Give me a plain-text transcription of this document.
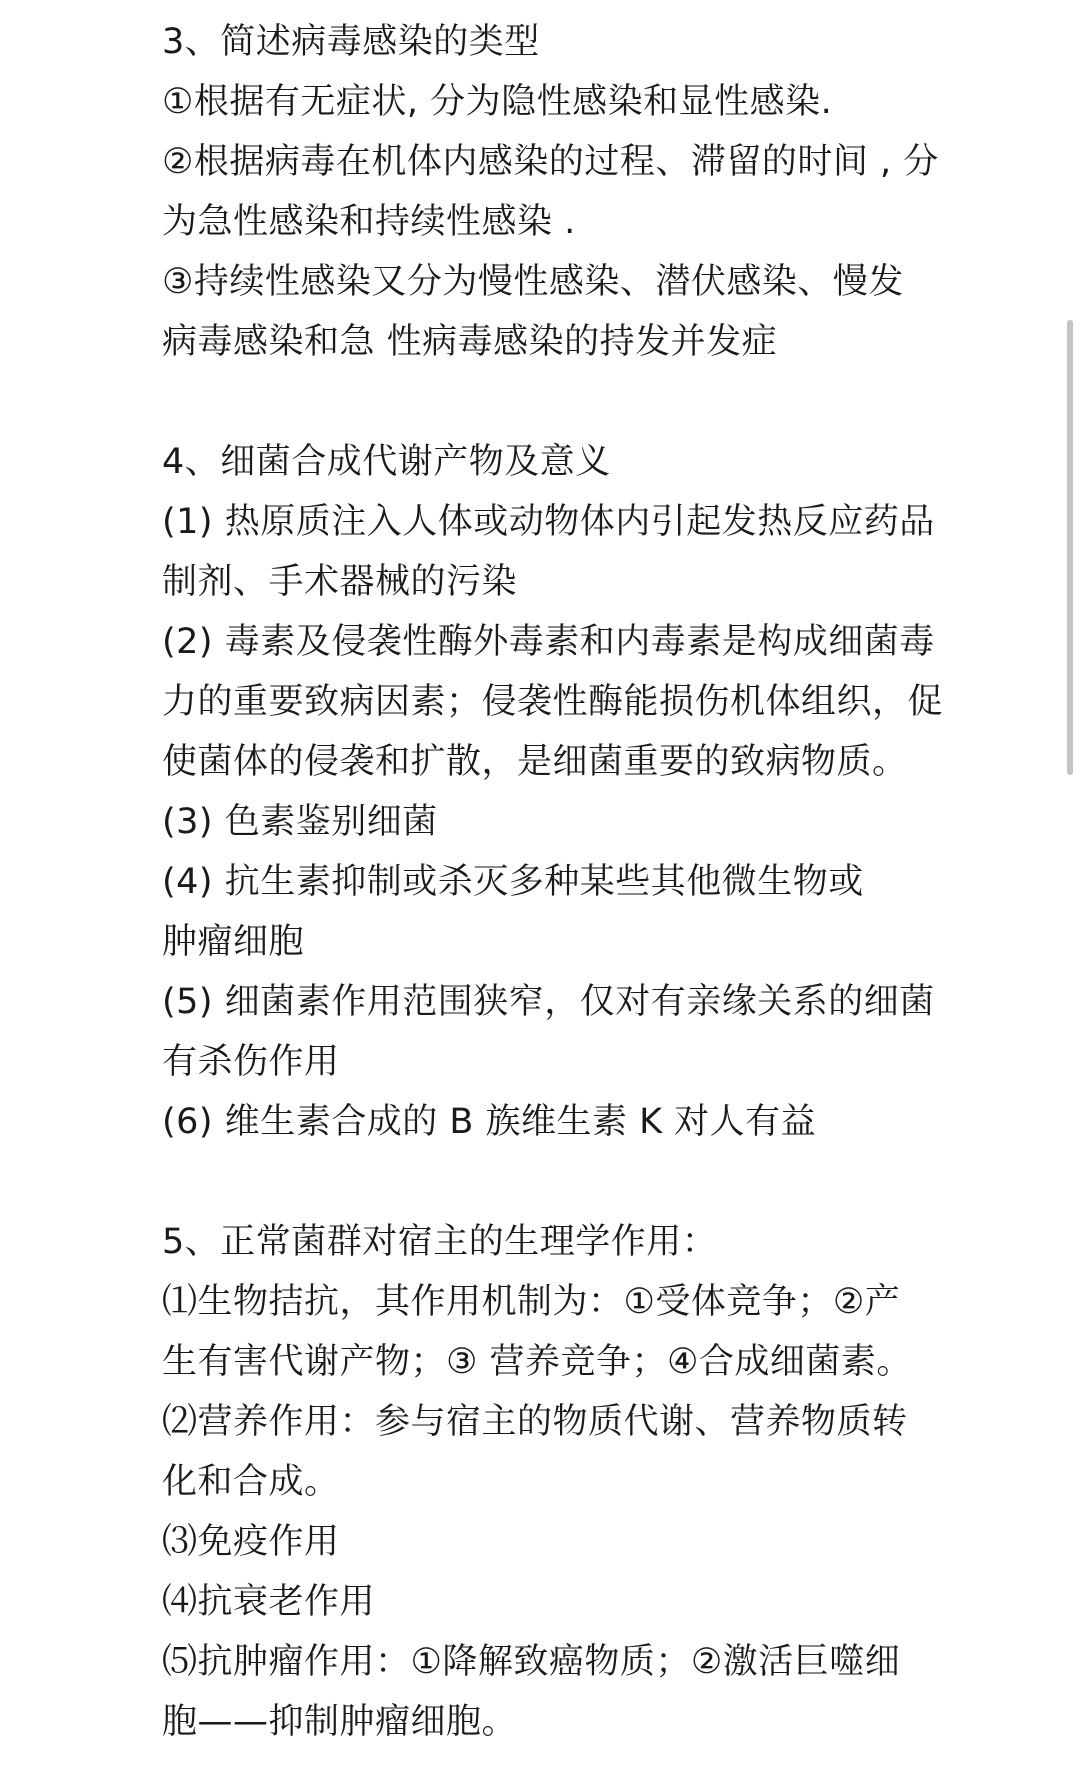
3、简述病毒感染的类型
①根据有无症状, 分为隐性感染和显性感染.
②根据病毒在机体内感染的过程、滞留的时间 , 分
为急性感染和持续性感染 .
③持续性感染又分为慢性感染、潜伏感染、慢发
病毒感染和急 性病毒感染的持发并发症
4、细菌合成代谢产物及意义
(1) 热原质注入人体或动物体内引起发热反应药品
制剂、手术器械的污染
(2) 毒素及侵袭性酶外毒素和内毒素是构成细菌毒
力的重要致病因素；侵袭性酶能损伤机体组织，促
使菌体的侵袭和扩散，是细菌重要的致病物质。
(3) 色素鉴别细菌
(4) 抗生素抑制或杀灭多种某些其他微生物或
肿瘤细胞
(5) 细菌素作用范围狭窄，仅对有亲缘关系的细菌
有杀伤作用
(6) 维生素合成的 B 族维生素 K 对人有益
5、正常菌群对宿主的生理学作用：
⑴生物拮抗，其作用机制为：①受体竞争；②产
生有害代谢产物；③ 营养竞争；④合成细菌素。
⑵营养作用：参与宿主的物质代谢、营养物质转
化和合成。
⑶免疫作用
⑷抗衰老作用
⑸抗肿瘤作用：①降解致癌物质；②激活巨噬细
胞——抑制肿瘤细胞。
